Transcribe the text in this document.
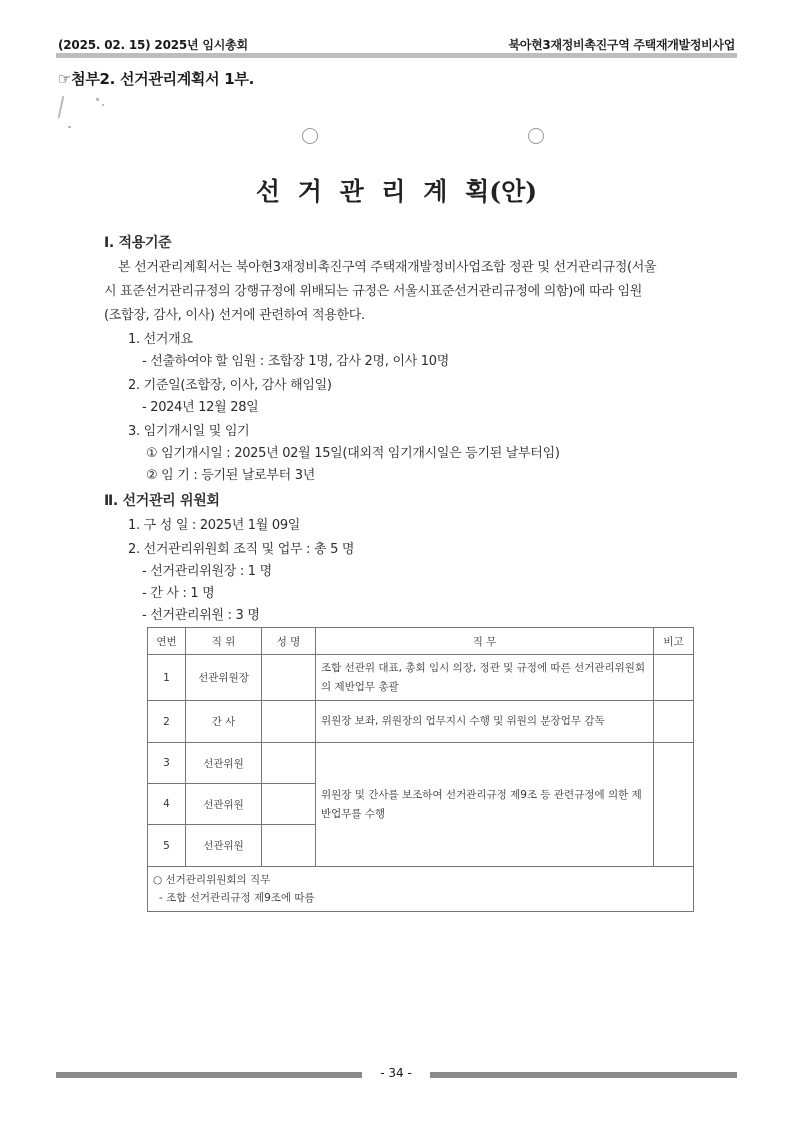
(2025. 02. 15) 2025년 임시총회	북아현3재정비촉진구역 주택재개발정비사업
☞첨부2. 선거관리계획서 1부.
선 거 관 리 계 획(안)
Ⅰ. 적용기준
본 선거관리계획서는 북아현3재정비촉진구역 주택재개발정비사업조합 정관 및 선거관리규정(서울
시 표준선거관리규정의 강행규정에 위배되는 규정은 서울시표준선거관리규정에 의함)에 따라 임원
(조합장, 감사, 이사) 선거에 관련하여 적용한다.
1. 선거개요
- 선출하여야 할 임원 : 조합장 1명, 감사 2명, 이사 10명
2. 기준일(조합장, 이사, 감사 해임일)
- 2024년 12월 28일
3. 임기개시일 및 임기
① 임기개시일 : 2025년 02월 15일(대외적 임기개시일은 등기된 날부터임)
② 임 기 : 등기된 날로부터 3년
Ⅱ. 선거관리 위원회
1. 구 성 일 : 2025년 1월 09일
2. 선거관리위원회 조직 및 업무 : 총 5 명
- 선거관리위원장 : 1 명
- 간 사 : 1 명
- 선거관리위원 : 3 명
연번	직 위	성 명	직 무	비고
1	선관위원장		조합 선관위 대표, 총회 임시 의장, 정관 및 규정에 따른 선거관리위원회의 제반업무 총괄	
2	간 사		위원장 보좌, 위원장의 업무지시 수행 및 위원의 분장업무 감독	
3	선관위원		위원장 및 간사를 보조하여 선거관리규정 제9조 등 관련규정에 의한 제반업무를 수행	
4	선관위원			
5	선관위원			

○ 선거관리위원회의 직무
- 조합 선거관리규정 제9조에 따름				
- 34 -
